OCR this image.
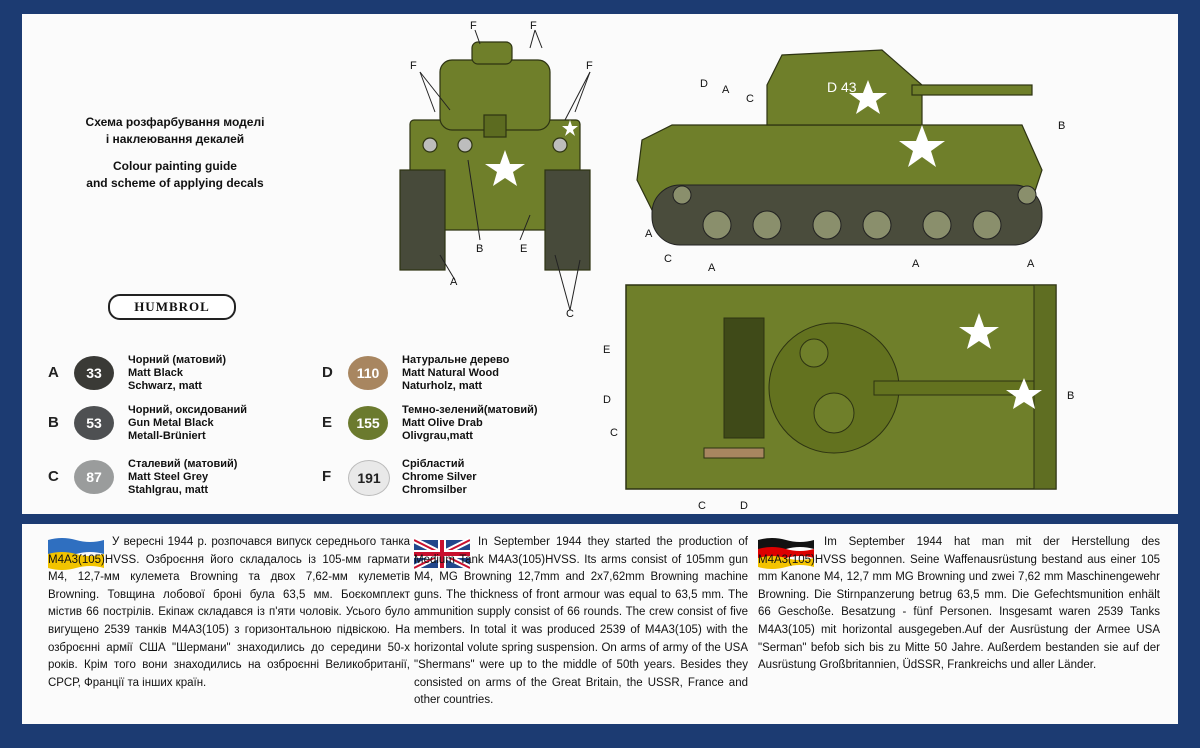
Схема розфарбування моделі
і наклеювання декалей
Colour painting guide
and scheme of applying decals
HUMBROL
A	33
Чорний (матовий)
Matt Black
Schwarz, matt
B	53
Чорний, оксидований
Gun Metal Black
Metall-Brüniert
C	87
Сталевий (матовий)
Matt Steel Grey
Stahlgrau, matt
D	110
Натуральне дерево
Matt Natural Wood
Naturholz, matt
E	155
Темно-зелений(матовий)
Matt Olive Drab
Olivgrau,matt
F	191
Срібластий
Chrome Silver
Chromsilber
F
F	F
F
A
B	E
C
D 43
D A
C
B
A
C
A	A	A
E
D
C
B
C	D
У вересні 1944 р. розпочався випуск середнього танка M4A3(105)HVSS. Озброєння його складалось із 105-мм гармати M4, 12,7-мм кулемета Browning та двох 7,62-мм кулеметів Browning. Товщина лобової броні була 63,5 мм. Боєкомплект містив 66 пострілів. Екіпаж складався із п'яти чоловік. Усього було вигущено 2539 танків M4A3(105) з горизонтальною підвіскою. На озброєнні армії США "Шермани" знаходились до середини 50-х років. Крім того вони знаходились на озброєнні Великобританії, СРСР, Франції та інших країн.
In September 1944 they started the production of Medium Tank M4A3(105)HVSS. Its arms consist of 105mm gun M4, MG Browning 12,7mm and 2x7,62mm Browning machine guns. The thickness of front armour was equal to 63,5 mm. The ammunition supply consist of 66 rounds. The crew consist of five members. In total it was produced 2539 of M4A3(105) with the horizontal volute spring suspension. On arms of army of the USA "Shermans" were up to the middle of 50th years. Besides they consisted on arms of the Great Britain, the USSR, France and other countries.
Im September 1944 hat man mit der Herstellung des M4A3(105)HVSS begonnen. Seine Waffenausrüstung bestand aus einer 105 mm Kanone M4, 12,7 mm MG Browning und zwei 7,62 mm Maschinengewehr Browning. Die Stirnpanzerung betrug 63,5 mm. Die Gefechtsmunition enhält 66 Geschoße. Besatzung - fünf Personen. Insgesamt waren 2539 Tanks M4A3(105) mit horizontal ausgegeben.Auf der Ausrüstung der Armee USA "Serman" befob sich bis zu Mitte 50 Jahre. Außerdem bestanden sie auf der Ausrüstung Großbritannien, ÜdSSR, Frankreichs und aller Länder.
